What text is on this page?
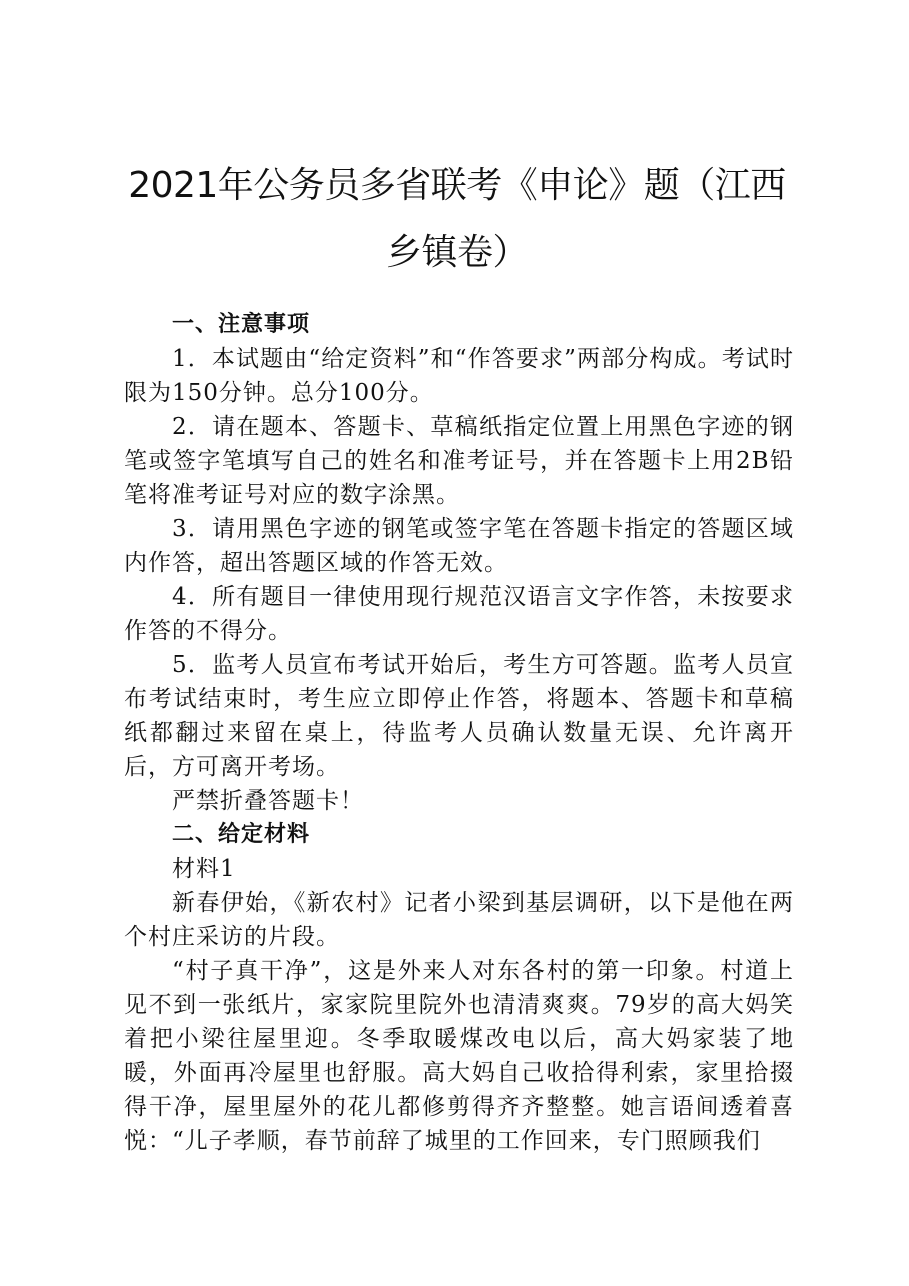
2021年公务员多省联考《申论》题（江西乡镇卷）

一、注意事项

1．本试题由“给定资料”和“作答要求”两部分构成。考试时限为150分钟。总分100分。

2．请在题本、答题卡、草稿纸指定位置上用黑色字迹的钢笔或签字笔填写自己的姓名和准考证号，并在答题卡上用2B铅笔将准考证号对应的数字涂黑。

3．请用黑色字迹的钢笔或签字笔在答题卡指定的答题区域内作答，超出答题区域的作答无效。

4．所有题目一律使用现行规范汉语言文字作答，未按要求作答的不得分。

5．监考人员宣布考试开始后，考生方可答题。监考人员宣布考试结束时，考生应立即停止作答，将题本、答题卡和草稿纸都翻过来留在桌上，待监考人员确认数量无误、允许离开后，方可离开考场。

严禁折叠答题卡！

二、给定材料

材料1

新春伊始，《新农村》记者小梁到基层调研，以下是他在两个村庄采访的片段。

“村子真干净”，这是外来人对东各村的第一印象。村道上见不到一张纸片，家家院里院外也清清爽爽。79岁的高大妈笑着把小梁往屋里迎。冬季取暖煤改电以后，高大妈家装了地暖，外面再冷屋里也舒服。高大妈自己收拾得利索，家里拾掇得干净，屋里屋外的花儿都修剪得齐齐整整。她言语间透着喜悦：“儿子孝顺，春节前辞了城里的工作回来，专门照顾我们
